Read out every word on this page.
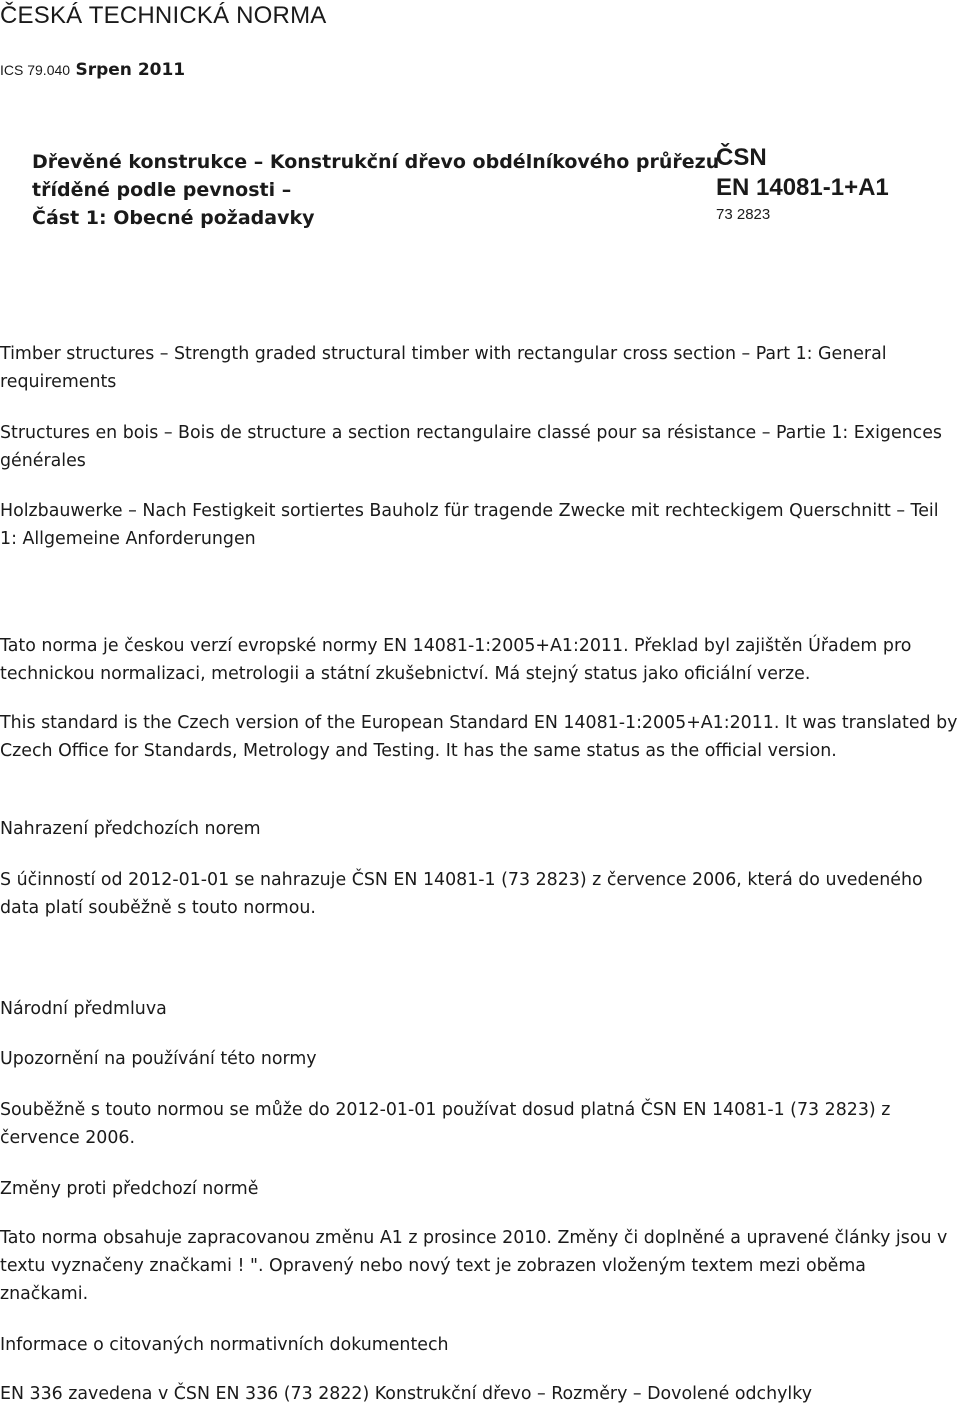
ČESKÁ TECHNICKÁ NORMA
ICS 79.040 Srpen 2011
Dřevěné konstrukce – Konstrukční dřevo obdélníkového průřezu
tříděné podle pevnosti –
Část 1: Obecné požadavky
ČSN
EN 14081-1+A1
73 2823

Timber structures – Strength graded structural timber with rectangular cross section – Part 1: General requirements

Structures en bois – Bois de structure a section rectangulaire classé pour sa résistance – Partie 1: Exigences générales

Holzbauwerke – Nach Festigkeit sortiertes Bauholz für tragende Zwecke mit rechteckigem Querschnitt – Teil 1: Allgemeine Anforderungen

Tato norma je českou verzí evropské normy EN 14081-1:2005+A1:2011. Překlad byl zajištěn Úřadem pro technickou normalizaci, metrologii a státní zkušebnictví. Má stejný status jako oficiální verze.

This standard is the Czech version of the European Standard EN 14081-1:2005+A1:2011. It was translated by Czech Office for Standards, Metrology and Testing. It has the same status as the official version.

Nahrazení předchozích norem

S účinností od 2012-01-01 se nahrazuje ČSN EN 14081-1 (73 2823) z července 2006, která do uvedeného data platí souběžně s touto normou.

Národní předmluva

Upozornění na používání této normy

Souběžně s touto normou se může do 2012-01-01 používat dosud platná ČSN EN 14081-1 (73 2823) z července 2006.

Změny proti předchozí normě

Tato norma obsahuje zapracovanou změnu A1 z prosince 2010. Změny či doplněné a upravené články jsou v textu vyznačeny značkami ! ". Opravený nebo nový text je zobrazen vloženým textem mezi oběma značkami.

Informace o citovaných normativních dokumentech

EN 336 zavedena v ČSN EN 336 (73 2822) Konstrukční dřevo – Rozměry – Dovolené odchylky
